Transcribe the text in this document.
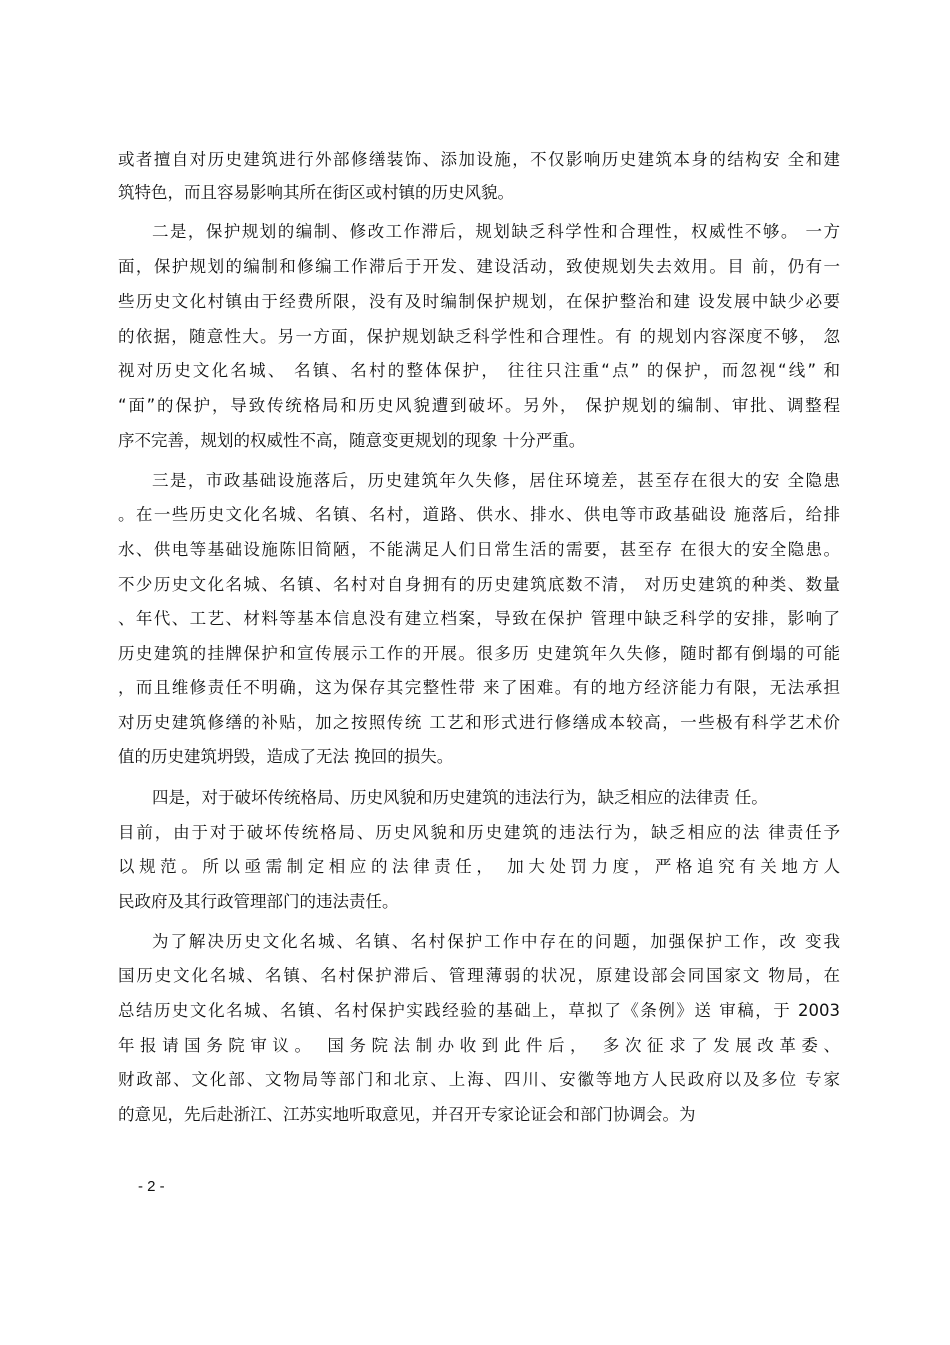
或者擅自对历史建筑进行外部修缮装饰、添加设施，不仅影响历史建筑本身的结构安 全和建
筑特色，而且容易影响其所在街区或村镇的历史风貌。
二是，保护规划的编制、修改工作滞后，规划缺乏科学性和合理性，权威性不够。 一方
面，保护规划的编制和修编工作滞后于开发、建设活动，致使规划失去效用。目 前，仍有一
些历史文化村镇由于经费所限，没有及时编制保护规划，在保护整治和建 设发展中缺少必要
的依据，随意性大。另一方面，保护规划缺乏科学性和合理性。有 的规划内容深度不够， 忽
视对历史文化名城、 名镇、名村的整体保护， 往往只注重“点” 的保护，而忽视“线” 和
“面”的保护，导致传统格局和历史风貌遭到破坏。另外， 保护规划的编制、审批、调整程
序不完善，规划的权威性不高，随意变更规划的现象 十分严重。
三是，市政基础设施落后，历史建筑年久失修，居住环境差，甚至存在很大的安 全隐患
。在一些历史文化名城、名镇、名村，道路、供水、排水、供电等市政基础设 施落后，给排
水、供电等基础设施陈旧简陋，不能满足人们日常生活的需要，甚至存 在很大的安全隐患。
不少历史文化名城、名镇、名村对自身拥有的历史建筑底数不清， 对历史建筑的种类、数量
、年代、工艺、材料等基本信息没有建立档案，导致在保护 管理中缺乏科学的安排，影响了
历史建筑的挂牌保护和宣传展示工作的开展。很多历 史建筑年久失修，随时都有倒塌的可能
，而且维修责任不明确，这为保存其完整性带 来了困难。有的地方经济能力有限，无法承担
对历史建筑修缮的补贴，加之按照传统 工艺和形式进行修缮成本较高，一些极有科学艺术价
值的历史建筑坍毁，造成了无法 挽回的损失。
四是，对于破坏传统格局、历史风貌和历史建筑的违法行为，缺乏相应的法律责 任。
目前，由于对于破坏传统格局、历史风貌和历史建筑的违法行为，缺乏相应的法 律责任予
以规范。所以亟需制定相应的法律责任， 加大处罚力度，严格追究有关地方人
民政府及其行政管理部门的违法责任。
为了解决历史文化名城、名镇、名村保护工作中存在的问题，加强保护工作，改 变我
国历史文化名城、名镇、名村保护滞后、管理薄弱的状况，原建设部会同国家文 物局，在
总结历史文化名城、名镇、名村保护实践经验的基础上，草拟了《条例》送 审稿，于 2003
年报请国务院审议。 国务院法制办收到此件后， 多次征求了发展改革委、
财政部、文化部、文物局等部门和北京、上海、四川、安徽等地方人民政府以及多位 专家
的意见，先后赴浙江、江苏实地听取意见，并召开专家论证会和部门协调会。为
- 2 -
